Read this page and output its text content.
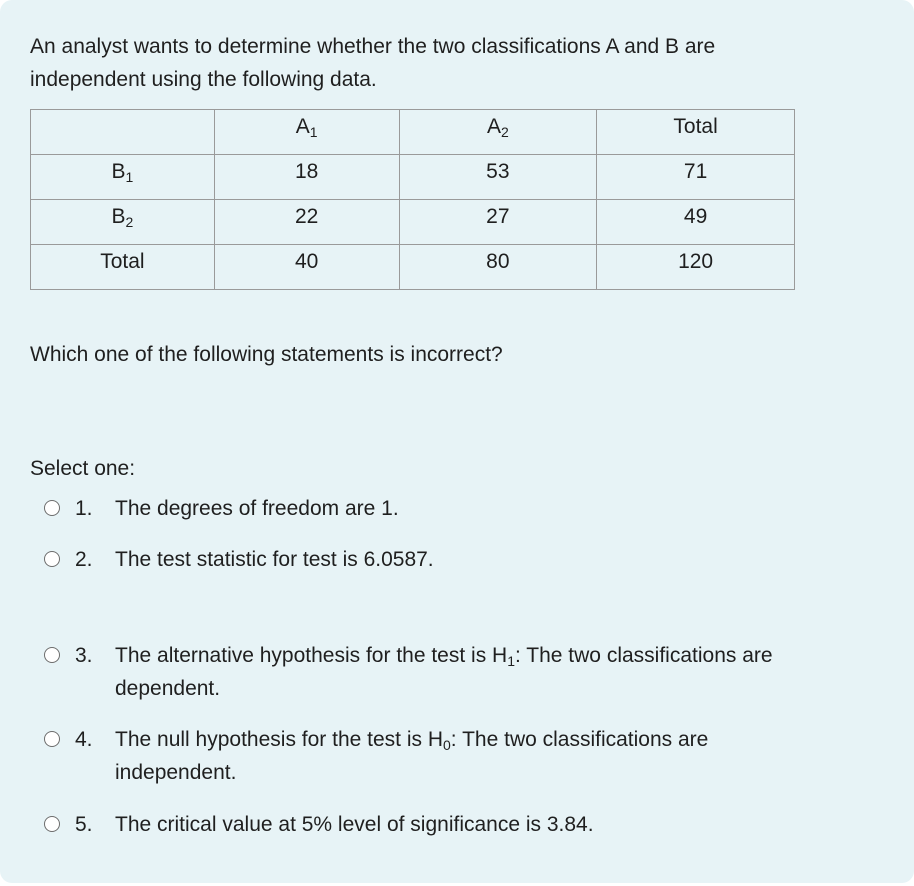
An analyst wants to determine whether the two classifications A and B are independent using the following data.
	$A_1$	$A_2$	Total
$B_1$	18	53	71
$B_2$	22	27	49
Total	40	80	120
Which one of the following statements is incorrect?
Select one:
1. The degrees of freedom are 1.
2. The test statistic for test is 6.0587.
3. The alternative hypothesis for the test is $H_1$: The two classifications are dependent.
4. The null hypothesis for the test is $H_0$: The two classifications are independent.
5. The critical value at 5% level of significance is 3.84.
